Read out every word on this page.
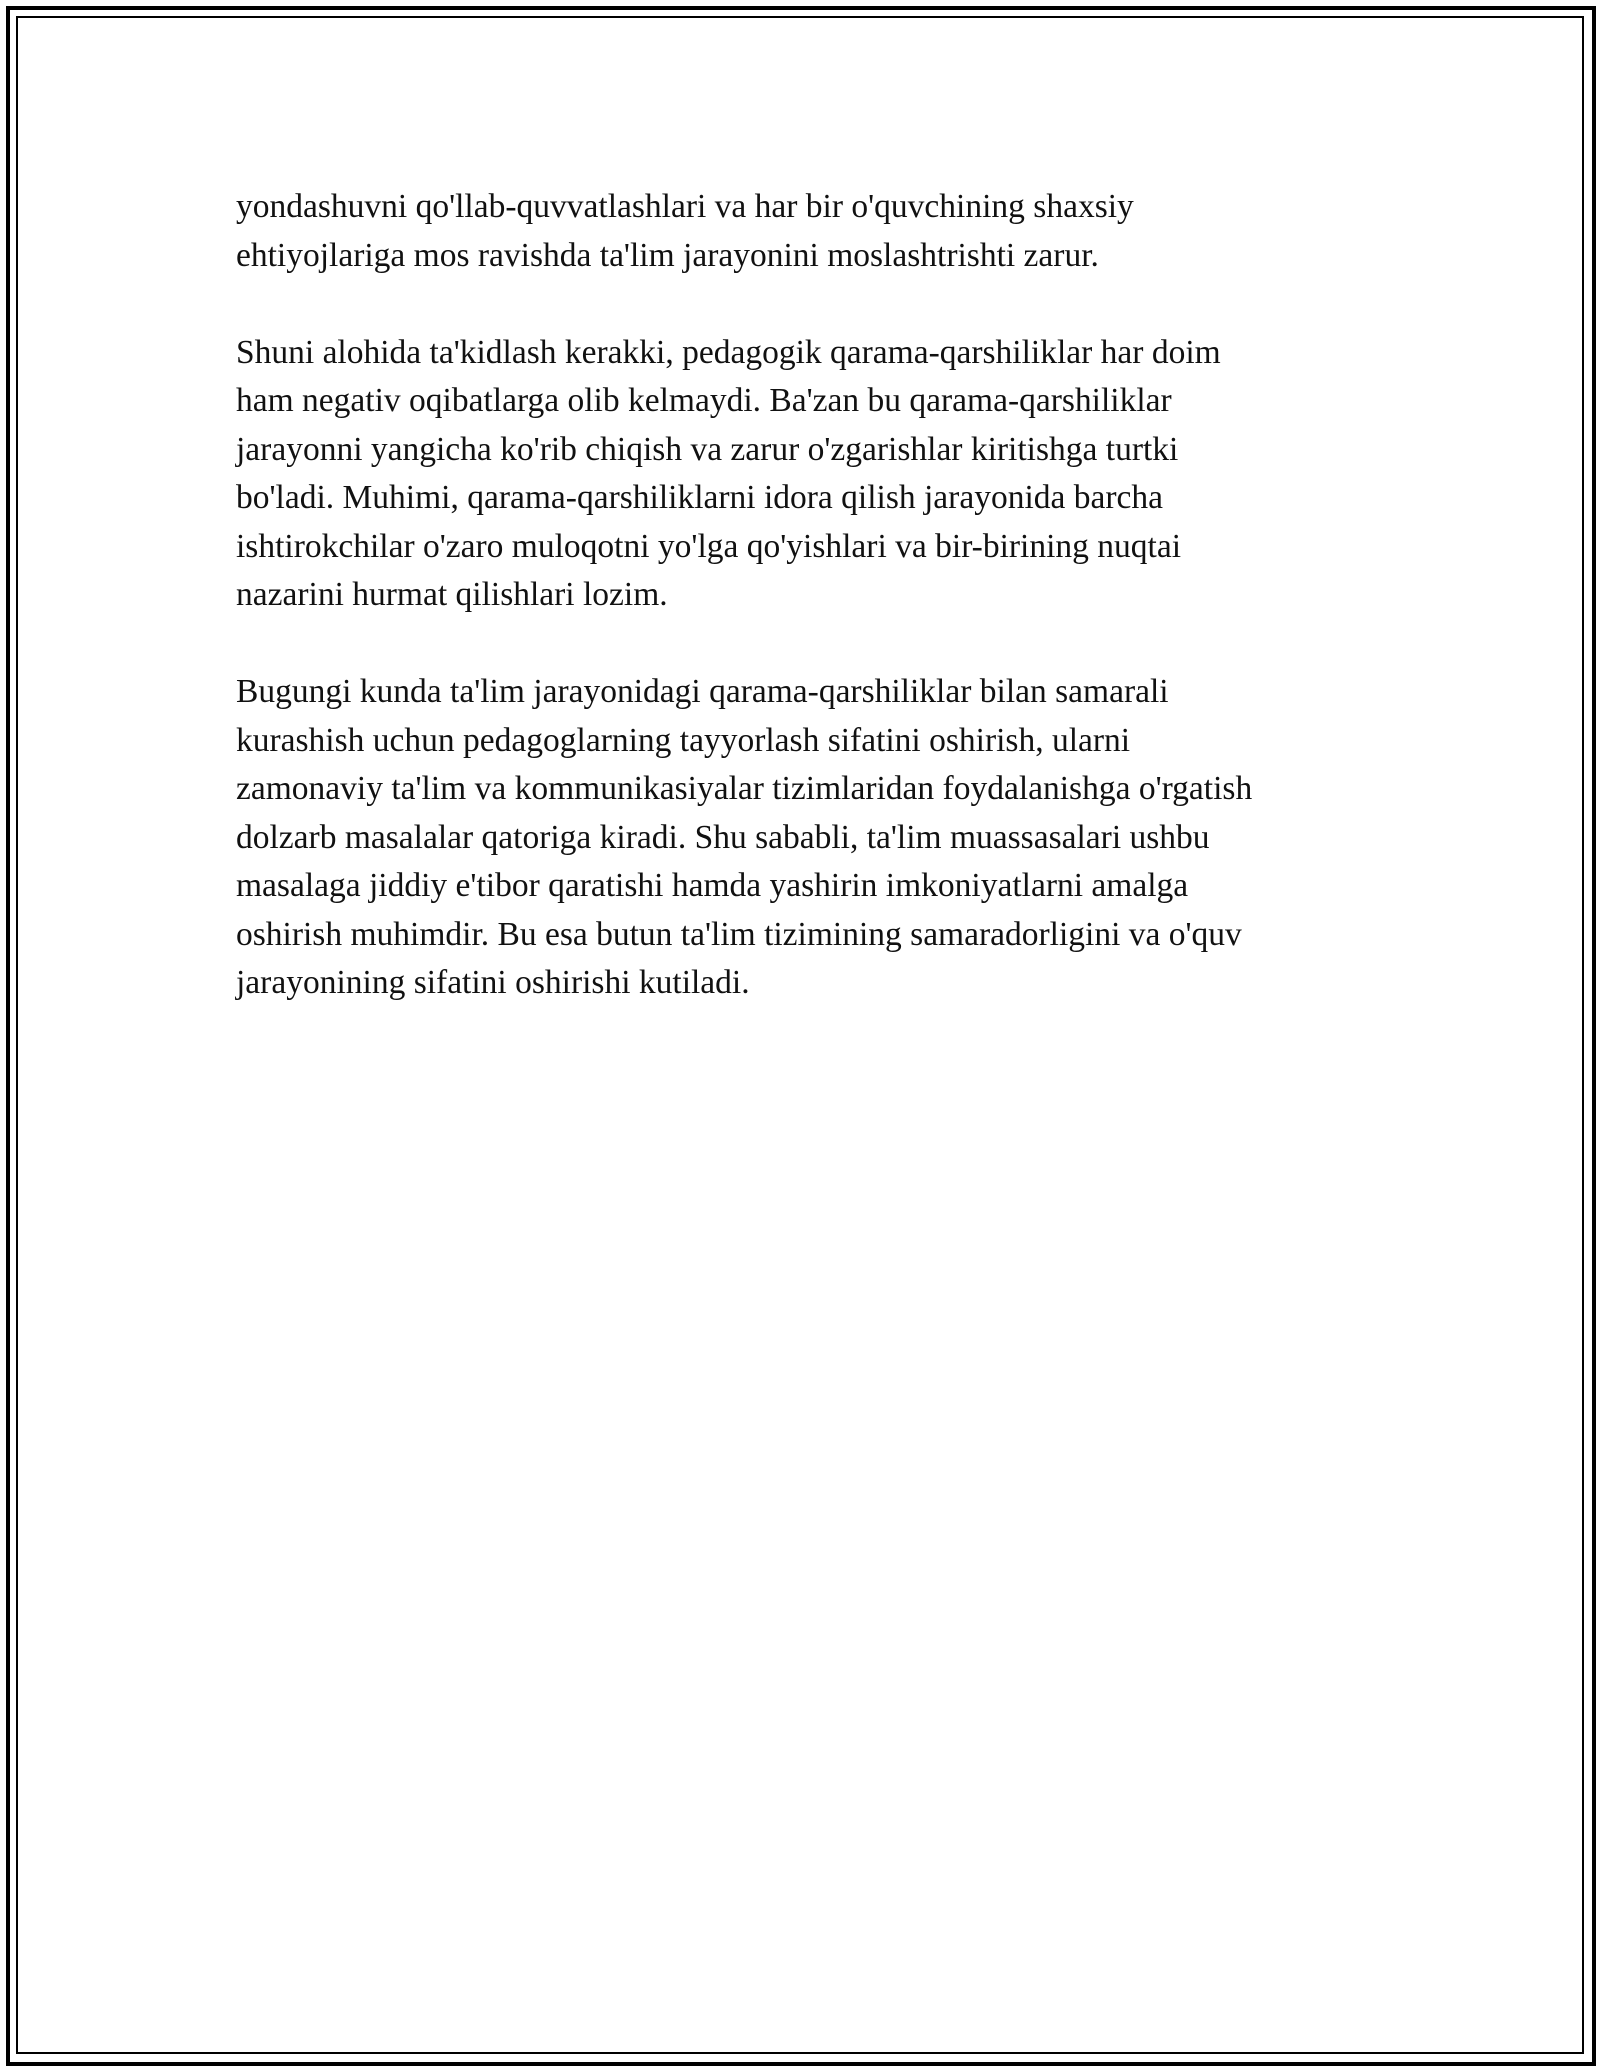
yondashuvni qo'llab-quvvatlashlari va har bir o'quvchining shaxsiy
ehtiyojlariga mos ravishda ta'lim jarayonini moslashtrishti zarur.

Shuni alohida ta'kidlash kerakki, pedagogik qarama-qarshiliklar har doim
ham negativ oqibatlarga olib kelmaydi. Ba'zan bu qarama-qarshiliklar
jarayonni yangicha ko'rib chiqish va zarur o'zgarishlar kiritishga turtki
bo'ladi. Muhimi, qarama-qarshiliklarni idora qilish jarayonida barcha
ishtirokchilar o'zaro muloqotni yo'lga qo'yishlari va bir-birining nuqtai
nazarini hurmat qilishlari lozim.

Bugungi kunda ta'lim jarayonidagi qarama-qarshiliklar bilan samarali
kurashish uchun pedagoglarning tayyorlash sifatini oshirish, ularni
zamonaviy ta'lim va kommunikasiyalar tizimlaridan foydalanishga o'rgatish
dolzarb masalalar qatoriga kiradi. Shu sababli, ta'lim muassasalari ushbu
masalaga jiddiy e'tibor qaratishi hamda yashirin imkoniyatlarni amalga
oshirish muhimdir. Bu esa butun ta'lim tizimining samaradorligini va o'quv
jarayonining sifatini oshirishi kutiladi.
